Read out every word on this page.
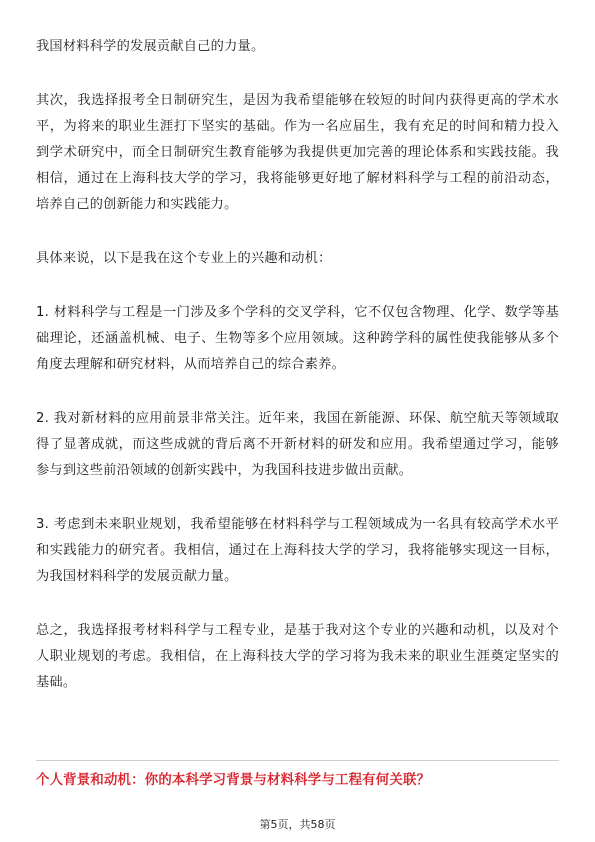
我国材料科学的发展贡献自己的力量。

其次，我选择报考全日制研究生，是因为我希望能够在较短的时间内获得更高的学术水平，为将来的职业生涯打下坚实的基础。作为一名应届生，我有充足的时间和精力投入到学术研究中，而全日制研究生教育能够为我提供更加完善的理论体系和实践技能。我相信，通过在上海科技大学的学习，我将能够更好地了解材料科学与工程的前沿动态，培养自己的创新能力和实践能力。

具体来说，以下是我在这个专业上的兴趣和动机：

1. 材料科学与工程是一门涉及多个学科的交叉学科，它不仅包含物理、化学、数学等基础理论，还涵盖机械、电子、生物等多个应用领域。这种跨学科的属性使我能够从多个角度去理解和研究材料，从而培养自己的综合素养。

2. 我对新材料的应用前景非常关注。近年来，我国在新能源、环保、航空航天等领域取得了显著成就，而这些成就的背后离不开新材料的研发和应用。我希望通过学习，能够参与到这些前沿领域的创新实践中，为我国科技进步做出贡献。

3. 考虑到未来职业规划，我希望能够在材料科学与工程领域成为一名具有较高学术水平和实践能力的研究者。我相信，通过在上海科技大学的学习，我将能够实现这一目标，为我国材料科学的发展贡献力量。

总之，我选择报考材料科学与工程专业，是基于我对这个专业的兴趣和动机，以及对个人职业规划的考虑。我相信，在上海科技大学的学习将为我未来的职业生涯奠定坚实的基础。

个人背景和动机：你的本科学习背景与材料科学与工程有何关联？

第5页，共58页
